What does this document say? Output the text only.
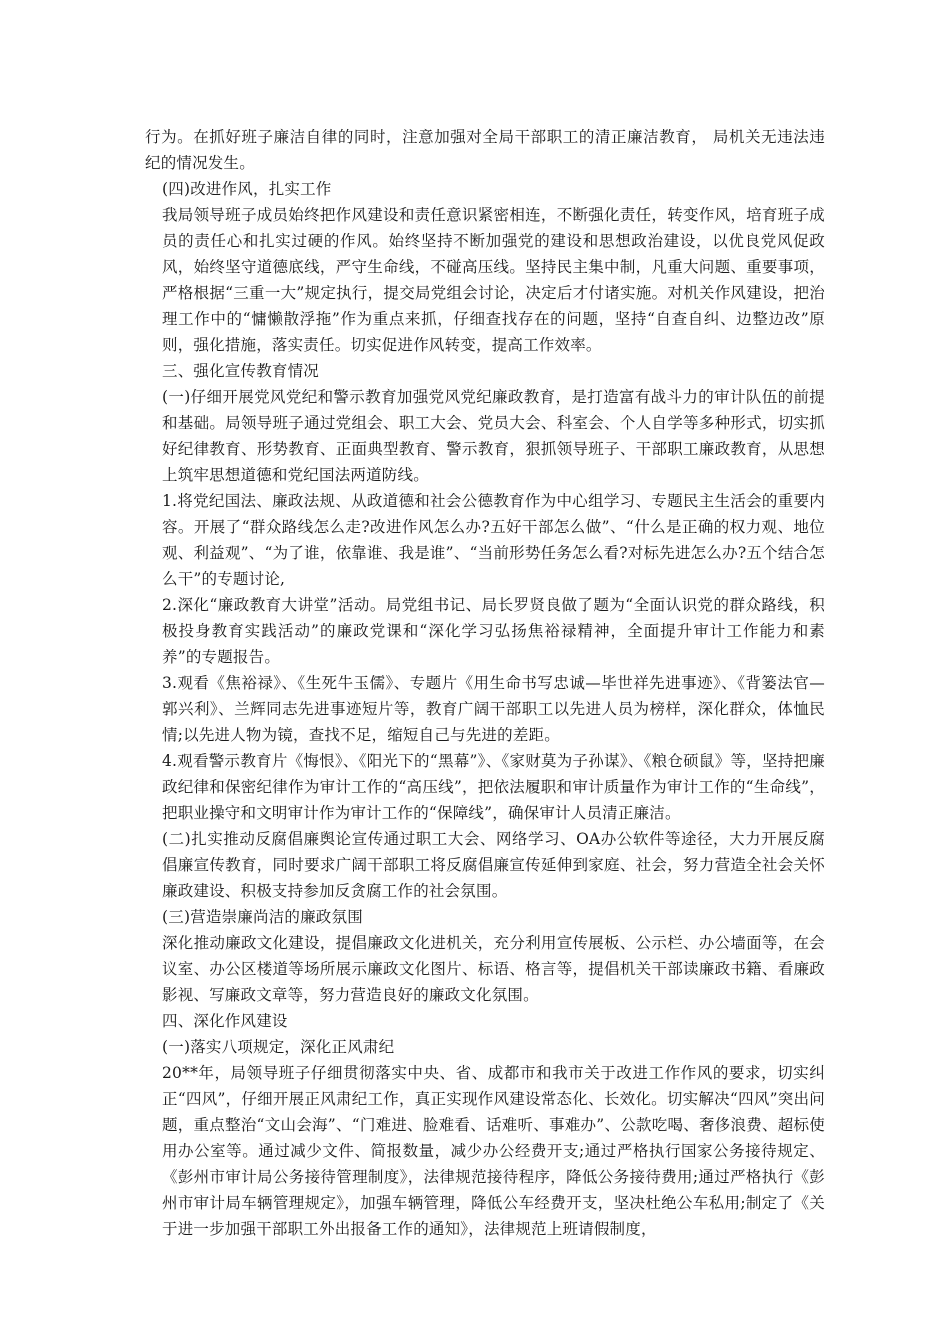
行为。在抓好班子廉洁自律的同时，注意加强对全局干部职工的清正廉洁教育， 局机关无违法违纪的情况发生。

(四)改进作风，扎实工作

我局领导班子成员始终把作风建设和责任意识紧密相连，不断强化责任，转变作风，培育班子成员的责任心和扎实过硬的作风。始终坚持不断加强党的建设和思想政治建设，以优良党风促政风，始终坚守道德底线，严守生命线，不碰高压线。坚持民主集中制，凡重大问题、重要事项，严格根据“三重一大”规定执行，提交局党组会讨论，决定后才付诸实施。对机关作风建设，把治理工作中的“慵懒散浮拖”作为重点来抓，仔细查找存在的问题，坚持“自查自纠、边整边改”原则，强化措施，落实责任。切实促进作风转变，提高工作效率。

三、强化宣传教育情况

(一)仔细开展党风党纪和警示教育加强党风党纪廉政教育，是打造富有战斗力的审计队伍的前提和基础。局领导班子通过党组会、职工大会、党员大会、科室会、个人自学等多种形式，切实抓好纪律教育、形势教育、正面典型教育、警示教育，狠抓领导班子、干部职工廉政教育，从思想上筑牢思想道德和党纪国法两道防线。

1.将党纪国法、廉政法规、从政道德和社会公德教育作为中心组学习、专题民主生活会的重要内容。开展了“群众路线怎么走?改进作风怎么办?五好干部怎么做”、“什么是正确的权力观、地位观、利益观”、“为了谁，依靠谁、我是谁”、“当前形势任务怎么看?对标先进怎么办?五个结合怎么干”的专题讨论,

2.深化“廉政教育大讲堂”活动。局党组书记、局长罗贤良做了题为“全面认识党的群众路线，积极投身教育实践活动”的廉政党课和“深化学习弘扬焦裕禄精神，全面提升审计工作能力和素养”的专题报告。

3.观看《焦裕禄》、《生死牛玉儒》、专题片《用生命书写忠诚—毕世祥先进事迹》、《背篓法官—郭兴利》、兰辉同志先进事迹短片等，教育广阔干部职工以先进人员为榜样，深化群众，体恤民情;以先进人物为镜，查找不足，缩短自己与先进的差距。

4.观看警示教育片《悔恨》、《阳光下的“黑幕”》、《家财莫为子孙谋》、《粮仓硕鼠》等，坚持把廉政纪律和保密纪律作为审计工作的“高压线”，把依法履职和审计质量作为审计工作的“生命线”，把职业操守和文明审计作为审计工作的“保障线”，确保审计人员清正廉洁。

(二)扎实推动反腐倡廉舆论宣传通过职工大会、网络学习、OA办公软件等途径，大力开展反腐倡廉宣传教育，同时要求广阔干部职工将反腐倡廉宣传延伸到家庭、社会，努力营造全社会关怀廉政建设、积极支持参加反贪腐工作的社会氛围。

(三)营造崇廉尚洁的廉政氛围

深化推动廉政文化建设，提倡廉政文化进机关，充分利用宣传展板、公示栏、办公墙面等，在会议室、办公区楼道等场所展示廉政文化图片、标语、格言等，提倡机关干部读廉政书籍、看廉政影视、写廉政文章等，努力营造良好的廉政文化氛围。

四、深化作风建设

(一)落实八项规定，深化正风肃纪

20**年，局领导班子仔细贯彻落实中央、省、成都市和我市关于改进工作作风的要求，切实纠正“四风”，仔细开展正风肃纪工作，真正实现作风建设常态化、长效化。切实解决“四风”突出问题，重点整治“文山会海”、“门难进、脸难看、话难听、事难办”、公款吃喝、奢侈浪费、超标使用办公室等。通过减少文件、简报数量，减少办公经费开支;通过严格执行国家公务接待规定、《彭州市审计局公务接待管理制度》，法律规范接待程序，降低公务接待费用;通过严格执行《彭州市审计局车辆管理规定》，加强车辆管理，降低公车经费开支，坚决杜绝公车私用;制定了《关于进一步加强干部职工外出报备工作的通知》，法律规范上班请假制度，
